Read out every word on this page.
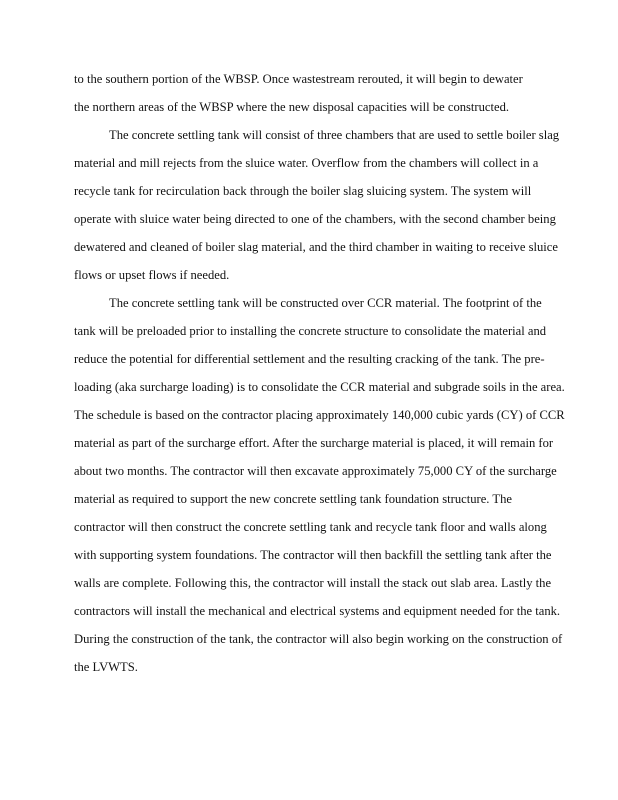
to the southern portion of the WBSP. Once wastestream rerouted, it will begin to dewater

the northern areas of the WBSP where the new disposal capacities will be constructed.

The concrete settling tank will consist of three chambers that are used to settle boiler slag

material and mill rejects from the sluice water. Overflow from the chambers will collect in a

recycle tank for recirculation back through the boiler slag sluicing system. The system will

operate with sluice water being directed to one of the chambers, with the second chamber being

dewatered and cleaned of boiler slag material, and the third chamber in waiting to receive sluice

flows or upset flows if needed.

The concrete settling tank will be constructed over CCR material. The footprint of the

tank will be preloaded prior to installing the concrete structure to consolidate the material and

reduce the potential for differential settlement and the resulting cracking of the tank. The pre-

loading (aka surcharge loading) is to consolidate the CCR material and subgrade soils in the area.

The schedule is based on the contractor placing approximately 140,000 cubic yards (CY) of CCR

material as part of the surcharge effort. After the surcharge material is placed, it will remain for

about two months. The contractor will then excavate approximately 75,000 CY of the surcharge

material as required to support the new concrete settling tank foundation structure. The

contractor will then construct the concrete settling tank and recycle tank floor and walls along

with supporting system foundations. The contractor will then backfill the settling tank after the

walls are complete. Following this, the contractor will install the stack out slab area. Lastly the

contractors will install the mechanical and electrical systems and equipment needed for the tank.

During the construction of the tank, the contractor will also begin working on the construction of

the LVWTS.
